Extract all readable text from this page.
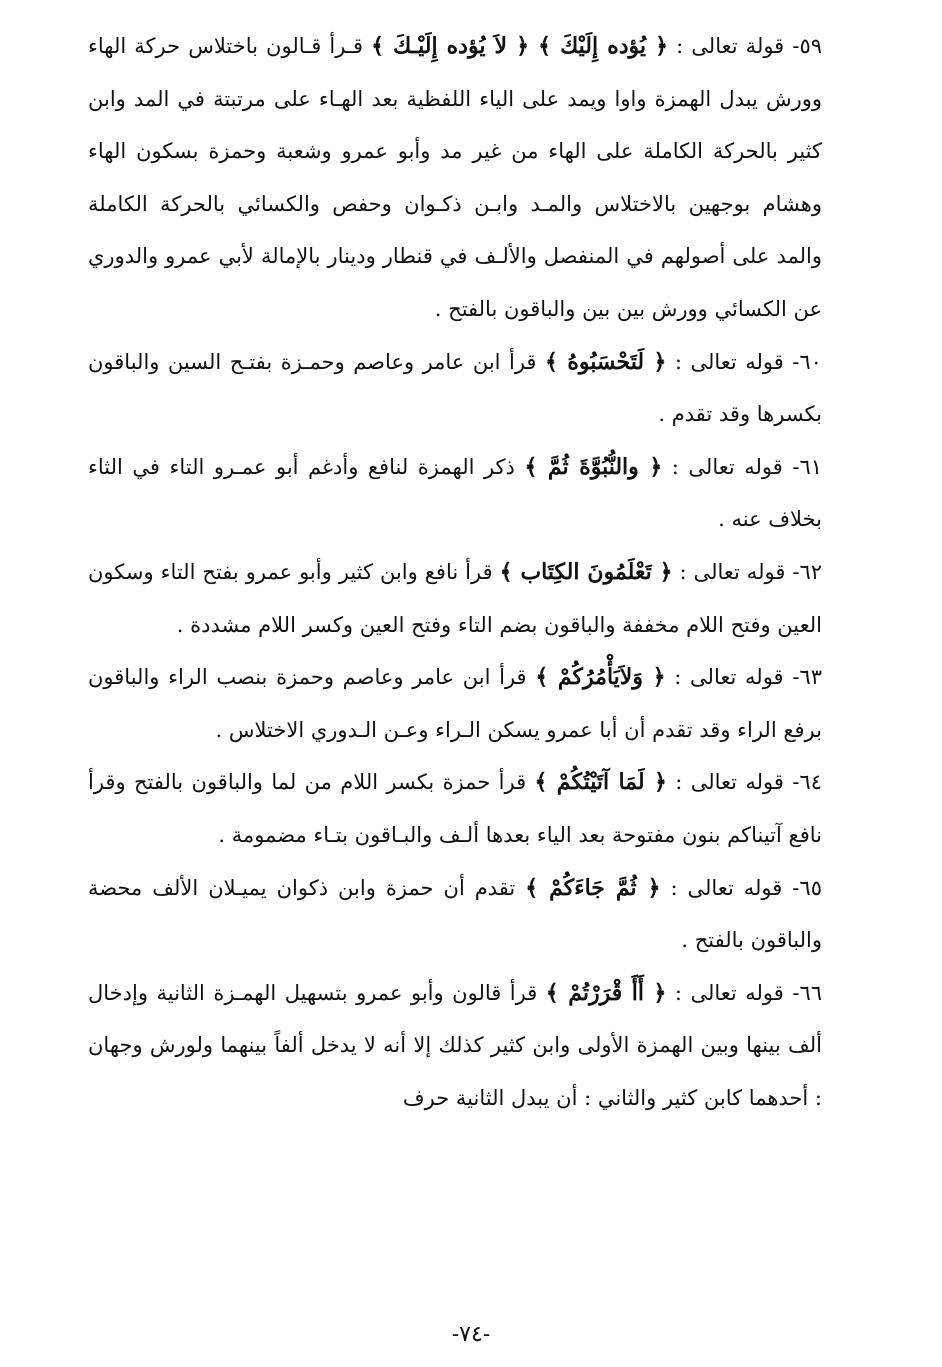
٥٩- قولة تعالى : ﴿ يُؤده إِلَيْكَ ﴾ ﴿ لاَ يُؤده إِلَيْـكَ ﴾ قـرأ قـالون باختلاس حركة الهاء وورش يبدل الهمزة واوا ويمد على الياء اللفظية بعد الهـاء على مرتبتة في المد وابن كثير بالحركة الكاملة على الهاء من غير مد وأبو عمرو وشعبة وحمزة بسكون الهاء وهشام بوجهين بالاختلاس والمـد وابـن ذكـوان وحفص والكسائي بالحركة الكاملة والمد على أصولهم في المنفصل والألـف في قنطار ودينار بالإمالة لأبي عمرو والدوري عن الكسائي وورش بين بين والباقون بالفتح .

٦٠- قوله تعالى : ﴿ لَتَحْسَبُوهُ ﴾ قرأ ابن عامر وعاصم وحمـزة بفتـح السين والباقون بكسرها وقد تقدم .

٦١- قوله تعالى : ﴿ والنُّبُوَّةَ ثُمَّ ﴾ ذكر الهمزة لنافع وأدغم أبو عمـرو التاء في الثاء بخلاف عنه .

٦٢- قوله تعالى : ﴿ تَعْلَمُونَ الكِتَاب ﴾ قرأ نافع وابن كثير وأبو عمرو بفتح التاء وسكون العين وفتح اللام مخففة والباقون بضم التاء وفتح العين وكسر اللام مشددة .

٦٣- قوله تعالى : ﴿ وَلاَيَأْمُرُكُمْ ﴾ قرأ ابن عامر وعاصم وحمزة بنصب الراء والباقون برفع الراء وقد تقدم أن أبا عمرو يسكن الـراء وعـن الـدوري الاختلاس .

٦٤- قوله تعالى : ﴿ لَمَا آتَيْتُكُمْ ﴾ قرأ حمزة بكسر اللام من لما والباقون بالفتح وقرأ نافع آتيناكم بنون مفتوحة بعد الياء بعدها ألـف والبـاقون بتـاء مضمومة .

٦٥- قوله تعالى : ﴿ ثُمَّ جَاءَكُمْ ﴾ تقدم أن حمزة وابن ذكوان يميـلان الألف محضة والباقون بالفتح .

٦٦- قوله تعالى : ﴿ أَأَ قْرَرْتُمْ ﴾ قرأ قالون وأبو عمرو بتسهيل الهمـزة الثانية وإدخال ألف بينها وبين الهمزة الأولى وابن كثير كذلك إلا أنه لا يدخل ألفاً بينهما ولورش وجهان : أحدهما كابن كثير والثاني : أن يبدل الثانية حرف

-٧٤-
